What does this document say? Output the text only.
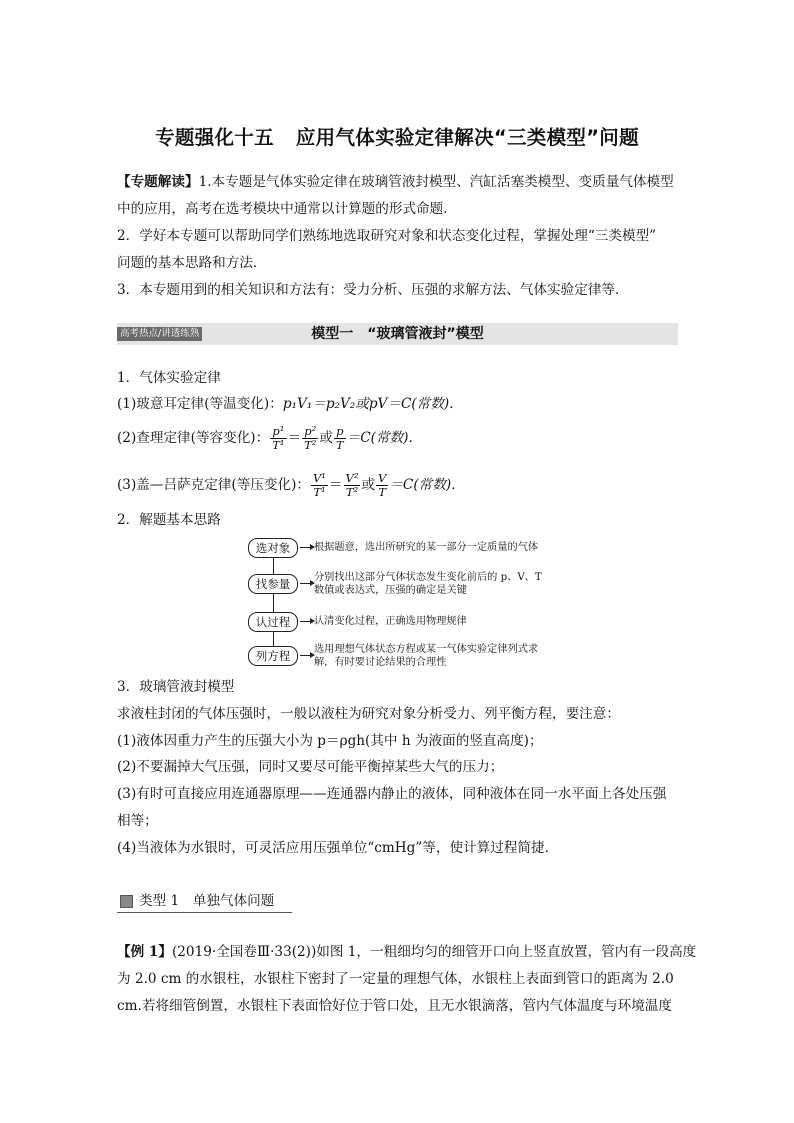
专题强化十五 应用气体实验定律解决“三类模型”问题
【专题解读】1.本专题是气体实验定律在玻璃管液封模型、汽缸活塞类模型、变质量气体模型
中的应用，高考在选考模块中通常以计算题的形式命题．
2．学好本专题可以帮助同学们熟练地选取研究对象和状态变化过程，掌握处理“三类模型”
问题的基本思路和方法．
3．本专题用到的相关知识和方法有：受力分析、压强的求解方法、气体实验定律等．
模型一　“玻璃管液封”模型
高考热点/讲透练熟
1．气体实验定律
(1)玻意耳定律(等温变化)：p₁V₁＝p₂V₂或pV＝C(常数)．
(2)查理定律(等容变化)： $\frac{\text{p¹}}{\text{T¹}} = \frac{\text{p²}}{\text{T²}}$ 或 $\frac{p}{T} =C$(常数)．
(3)盖—吕萨克定律(等压变化)： $\frac{\text{V¹}}{\text{T¹}} = \frac{\text{V²}}{\text{T²}}$ 或 $\frac{V}{T} =C$(常数)．
2．解题基本思路
选对象	根据题意，选出所研究的某一部分一定质量的气体
找参量	分别找出这部分气体状态发生变化前后的 p、V、T
数值或表达式，压强的确定是关键
认过程	认清变化过程，正确选用物理规律
列方程	选用理想气体状态方程或某一气体实验定律列式求
解，有时要讨论结果的合理性
3．玻璃管液封模型
求液柱封闭的气体压强时，一般以液柱为研究对象分析受力、列平衡方程，要注意：
(1)液体因重力产生的压强大小为 p＝ρgh(其中 h 为液面的竖直高度)；
(2)不要漏掉大气压强，同时又要尽可能平衡掉某些大气的压力；
(3)有时可直接应用连通器原理——连通器内静止的液体，同种液体在同一水平面上各处压强
相等；
(4)当液体为水银时，可灵活应用压强单位“cmHg”等，使计算过程简捷．
类型 1　单独气体问题
【例 1】(2019·全国卷Ⅲ·33(2))如图 1，一粗细均匀的细管开口向上竖直放置，管内有一段高度
为 2.0 cm 的水银柱，水银柱下密封了一定量的理想气体，水银柱上表面到管口的距离为 2.0
cm.若将细管倒置，水银柱下表面恰好位于管口处，且无水银滴落，管内气体温度与环境温度
